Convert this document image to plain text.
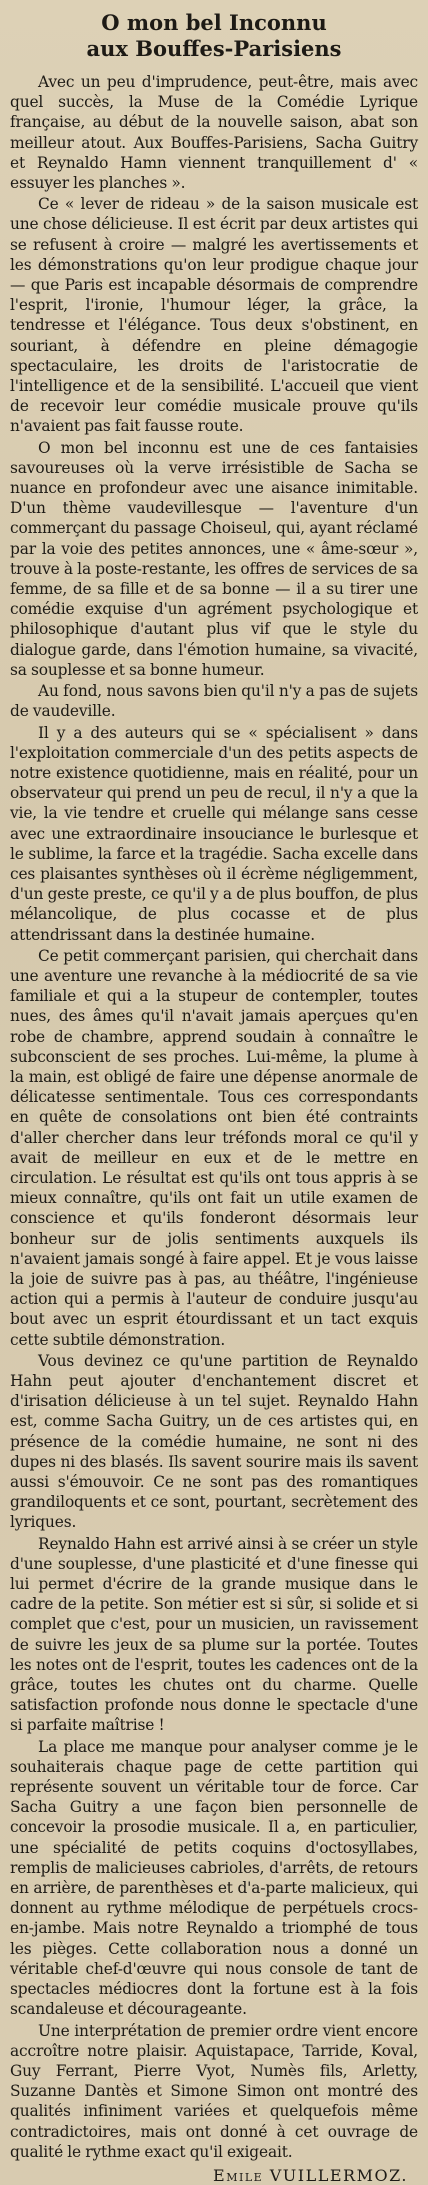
O mon bel Inconnu
aux Bouffes-Parisiens

Avec un peu d'imprudence, peut-être, mais avec quel succès, la Muse de la Comédie Lyrique française, au début de la nouvelle saison, abat son meilleur atout. Aux Bouffes-Parisiens, Sacha Guitry et Reynaldo Hamn viennent tranquillement d' « essuyer les planches ».

Ce « lever de rideau » de la saison musicale est une chose délicieuse. Il est écrit par deux artistes qui se refusent à croire — malgré les avertissements et les démonstrations qu'on leur prodigue chaque jour — que Paris est incapable désormais de comprendre l'esprit, l'ironie, l'humour léger, la grâce, la tendresse et l'élégance. Tous deux s'obstinent, en souriant, à défendre en pleine démagogie spectaculaire, les droits de l'aristocratie de l'intelligence et de la sensibilité. L'accueil que vient de recevoir leur comédie musicale prouve qu'ils n'avaient pas fait fausse route.

O mon bel inconnu est une de ces fantaisies savoureuses où la verve irrésistible de Sacha se nuance en profondeur avec une aisance inimitable. D'un thème vaudevillesque — l'aventure d'un commerçant du passage Choiseul, qui, ayant réclamé par la voie des petites annonces, une « âme-sœur », trouve à la poste-restante, les offres de services de sa femme, de sa fille et de sa bonne — il a su tirer une comédie exquise d'un agrément psychologique et philosophique d'autant plus vif que le style du dialogue garde, dans l'émotion humaine, sa vivacité, sa souplesse et sa bonne humeur.

Au fond, nous savons bien qu'il n'y a pas de sujets de vaudeville.

Il y a des auteurs qui se « spécialisent » dans l'exploitation commerciale d'un des petits aspects de notre existence quotidienne, mais en réalité, pour un observateur qui prend un peu de recul, il n'y a que la vie, la vie tendre et cruelle qui mélange sans cesse avec une extraordinaire insouciance le burlesque et le sublime, la farce et la tragédie. Sacha excelle dans ces plaisantes synthèses où il écrème négligemment, d'un geste preste, ce qu'il y a de plus bouffon, de plus mélancolique, de plus cocasse et de plus attendrissant dans la destinée humaine.

Ce petit commerçant parisien, qui cherchait dans une aventure une revanche à la médiocrité de sa vie familiale et qui a la stupeur de contempler, toutes nues, des âmes qu'il n'avait jamais aperçues qu'en robe de chambre, apprend soudain à connaître le subconscient de ses proches. Lui-même, la plume à la main, est obligé de faire une dépense anormale de délicatesse sentimentale. Tous ces correspondants en quête de consolations ont bien été contraints d'aller chercher dans leur tréfonds moral ce qu'il y avait de meilleur en eux et de le mettre en circulation. Le résultat est qu'ils ont tous appris à se mieux connaître, qu'ils ont fait un utile examen de conscience et qu'ils fonderont désormais leur bonheur sur de jolis sentiments auxquels ils n'avaient jamais songé à faire appel. Et je vous laisse la joie de suivre pas à pas, au théâtre, l'ingénieuse action qui a permis à l'auteur de conduire jusqu'au bout avec un esprit étourdissant et un tact exquis cette subtile démonstration.

Vous devinez ce qu'une partition de Reynaldo Hahn peut ajouter d'enchantement discret et d'irisation délicieuse à un tel sujet. Reynaldo Hahn est, comme Sacha Guitry, un de ces artistes qui, en présence de la comédie humaine, ne sont ni des dupes ni des blasés. Ils savent sourire mais ils savent aussi s'émouvoir. Ce ne sont pas des romantiques grandiloquents et ce sont, pourtant, secrètement des lyriques.

Reynaldo Hahn est arrivé ainsi à se créer un style d'une souplesse, d'une plasticité et d'une finesse qui lui permet d'écrire de la grande musique dans le cadre de la petite. Son métier est si sûr, si solide et si complet que c'est, pour un musicien, un ravissement de suivre les jeux de sa plume sur la portée. Toutes les notes ont de l'esprit, toutes les cadences ont de la grâce, toutes les chutes ont du charme. Quelle satisfaction profonde nous donne le spectacle d'une si parfaite maîtrise !

La place me manque pour analyser comme je le souhaiterais chaque page de cette partition qui représente souvent un véritable tour de force. Car Sacha Guitry a une façon bien personnelle de concevoir la prosodie musicale. Il a, en particulier, une spécialité de petits coquins d'octosyllabes, remplis de malicieuses cabrioles, d'arrêts, de retours en arrière, de parenthèses et d'a-parte malicieux, qui donnent au rythme mélodique de perpétuels crocs-en-jambe. Mais notre Reynaldo a triomphé de tous les pièges. Cette collaboration nous a donné un véritable chef-d'œuvre qui nous console de tant de spectacles médiocres dont la fortune est à la fois scandaleuse et décourageante.

Une interprétation de premier ordre vient encore accroître notre plaisir. Aquistapace, Tarride, Koval, Guy Ferrant, Pierre Vyot, Numès fils, Arletty, Suzanne Dantès et Simone Simon ont montré des qualités infiniment variées et quelquefois même contradictoires, mais ont donné à cet ouvrage de qualité le rythme exact qu'il exigeait.

Emile VUILLERMOZ.
